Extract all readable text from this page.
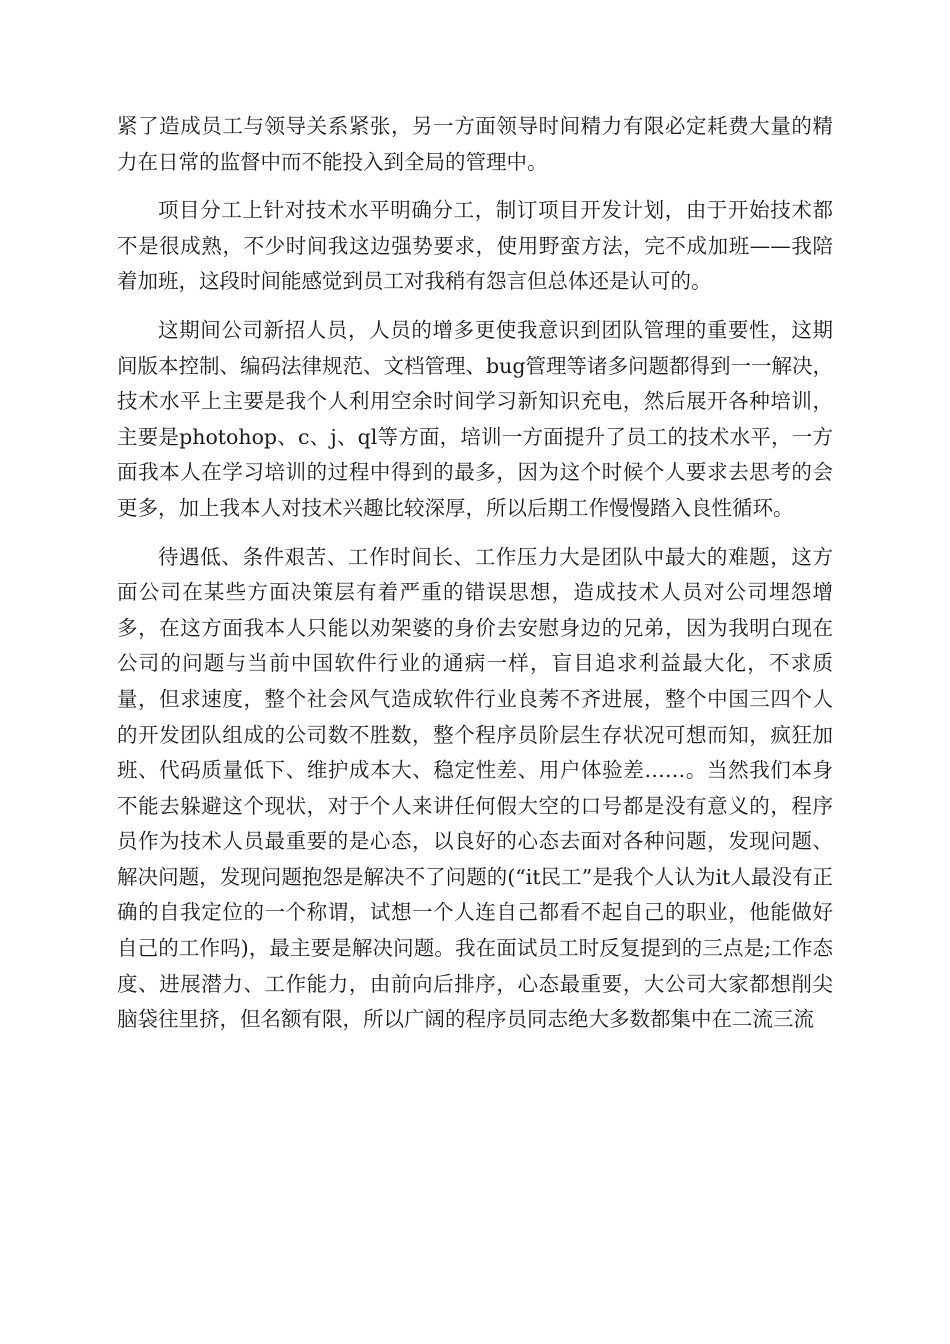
紧了造成员工与领导关系紧张，另一方面领导时间精力有限必定耗费大量的精力在日常的监督中而不能投入到全局的管理中。

项目分工上针对技术水平明确分工，制订项目开发计划，由于开始技术都不是很成熟，不少时间我这边强势要求，使用野蛮方法，完不成加班——我陪着加班，这段时间能感觉到员工对我稍有怨言但总体还是认可的。

这期间公司新招人员，人员的增多更使我意识到团队管理的重要性，这期间版本控制、编码法律规范、文档管理、bug管理等诸多问题都得到一一解决，技术水平上主要是我个人利用空余时间学习新知识充电，然后展开各种培训，主要是photohop、c、j、ql等方面，培训一方面提升了员工的技术水平，一方面我本人在学习培训的过程中得到的最多，因为这个时候个人要求去思考的会更多，加上我本人对技术兴趣比较深厚，所以后期工作慢慢踏入良性循环。

待遇低、条件艰苦、工作时间长、工作压力大是团队中最大的难题，这方面公司在某些方面决策层有着严重的错误思想，造成技术人员对公司埋怨增多，在这方面我本人只能以劝架婆的身价去安慰身边的兄弟，因为我明白现在公司的问题与当前中国软件行业的通病一样，盲目追求利益最大化，不求质量，但求速度，整个社会风气造成软件行业良莠不齐进展，整个中国三四个人的开发团队组成的公司数不胜数，整个程序员阶层生存状况可想而知，疯狂加班、代码质量低下、维护成本大、稳定性差、用户体验差……。当然我们本身不能去躲避这个现状，对于个人来讲任何假大空的口号都是没有意义的，程序员作为技术人员最重要的是心态，以良好的心态去面对各种问题，发现问题、解决问题，发现问题抱怨是解决不了问题的(“it民工”是我个人认为it人最没有正确的自我定位的一个称谓，试想一个人连自己都看不起自己的职业，他能做好自己的工作吗)，最主要是解决问题。我在面试员工时反复提到的三点是;工作态度、进展潜力、工作能力，由前向后排序，心态最重要，大公司大家都想削尖脑袋往里挤，但名额有限，所以广阔的程序员同志绝大多数都集中在二流三流
